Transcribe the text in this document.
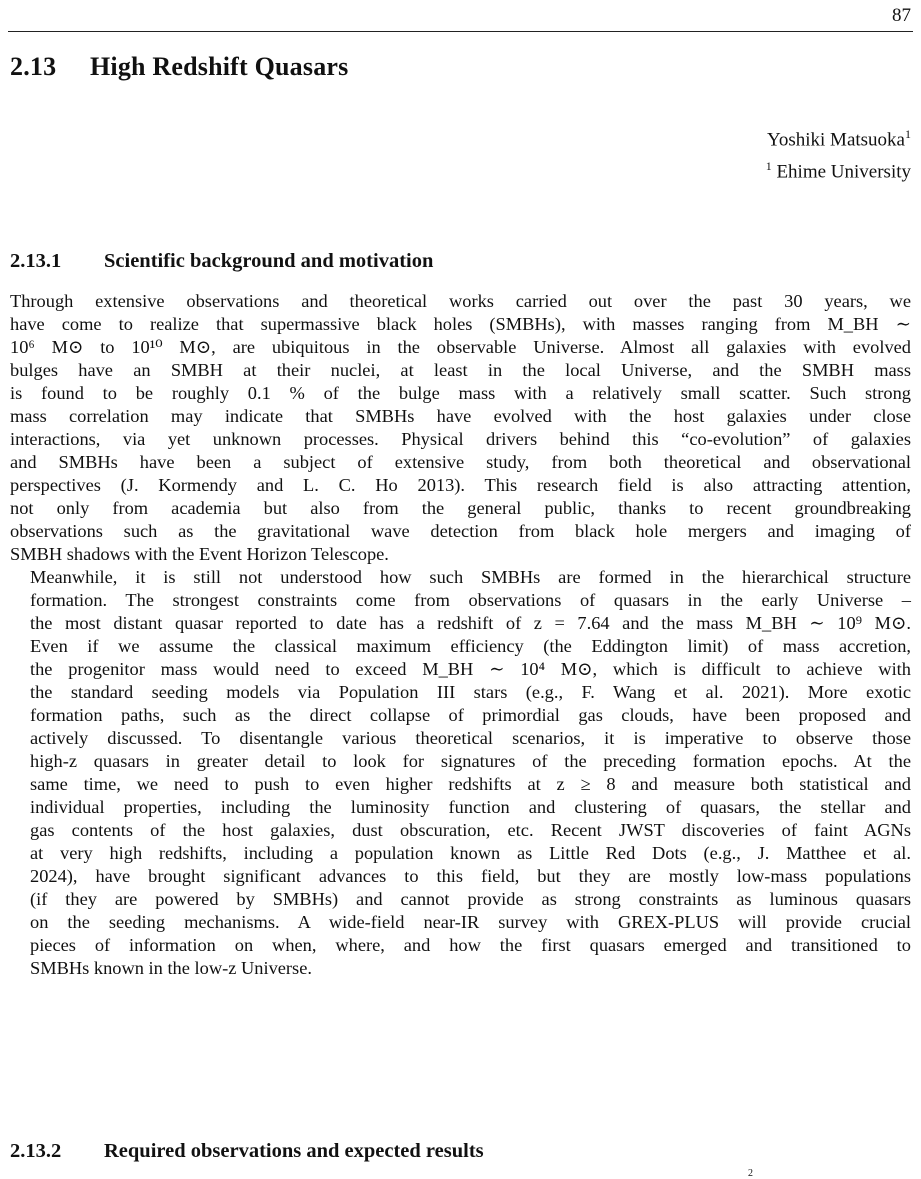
87
2.13 High Redshift Quasars
Yoshiki Matsuoka$^1$
$^1$ Ehime University
2.13.1 Scientific background and motivation

Through extensive observations and theoretical works carried out over the past 30 years, we
have come to realize that supermassive black holes (SMBHs), with masses ranging from M_BH ∼
10⁶ M⊙ to 10¹⁰ M⊙, are ubiquitous in the observable Universe. Almost all galaxies with evolved
bulges have an SMBH at their nuclei, at least in the local Universe, and the SMBH mass
is found to be roughly 0.1 % of the bulge mass with a relatively small scatter. Such strong
mass correlation may indicate that SMBHs have evolved with the host galaxies under close
interactions, via yet unknown processes. Physical drivers behind this “co-evolution” of galaxies
and SMBHs have been a subject of extensive study, from both theoretical and observational
perspectives (J. Kormendy and L. C. Ho 2013). This research field is also attracting attention,
not only from academia but also from the general public, thanks to recent groundbreaking
observations such as the gravitational wave detection from black hole mergers and imaging of
SMBH shadows with the Event Horizon Telescope.

Meanwhile, it is still not understood how such SMBHs are formed in the hierarchical structure
formation. The strongest constraints come from observations of quasars in the early Universe –
the most distant quasar reported to date has a redshift of z = 7.64 and the mass M_BH ∼ 10⁹ M⊙.
Even if we assume the classical maximum efficiency (the Eddington limit) of mass accretion,
the progenitor mass would need to exceed M_BH ∼ 10⁴ M⊙, which is difficult to achieve with
the standard seeding models via Population III stars (e.g., F. Wang et al. 2021). More exotic
formation paths, such as the direct collapse of primordial gas clouds, have been proposed and
actively discussed. To disentangle various theoretical scenarios, it is imperative to observe those
high-z quasars in greater detail to look for signatures of the preceding formation epochs. At the
same time, we need to push to even higher redshifts at z ≥ 8 and measure both statistical and
individual properties, including the luminosity function and clustering of quasars, the stellar and
gas contents of the host galaxies, dust obscuration, etc. Recent JWST discoveries of faint AGNs
at very high redshifts, including a population known as Little Red Dots (e.g., J. Matthee et al.
2024), have brought significant advances to this field, but they are mostly low-mass populations
(if they are powered by SMBHs) and cannot provide as strong constraints as luminous quasars
on the seeding mechanisms. A wide-field near-IR survey with GREX-PLUS will provide crucial
pieces of information on when, where, and how the first quasars emerged and transitioned to
SMBHs known in the low-z Universe.

2.13.2 Required observations and expected results
2
